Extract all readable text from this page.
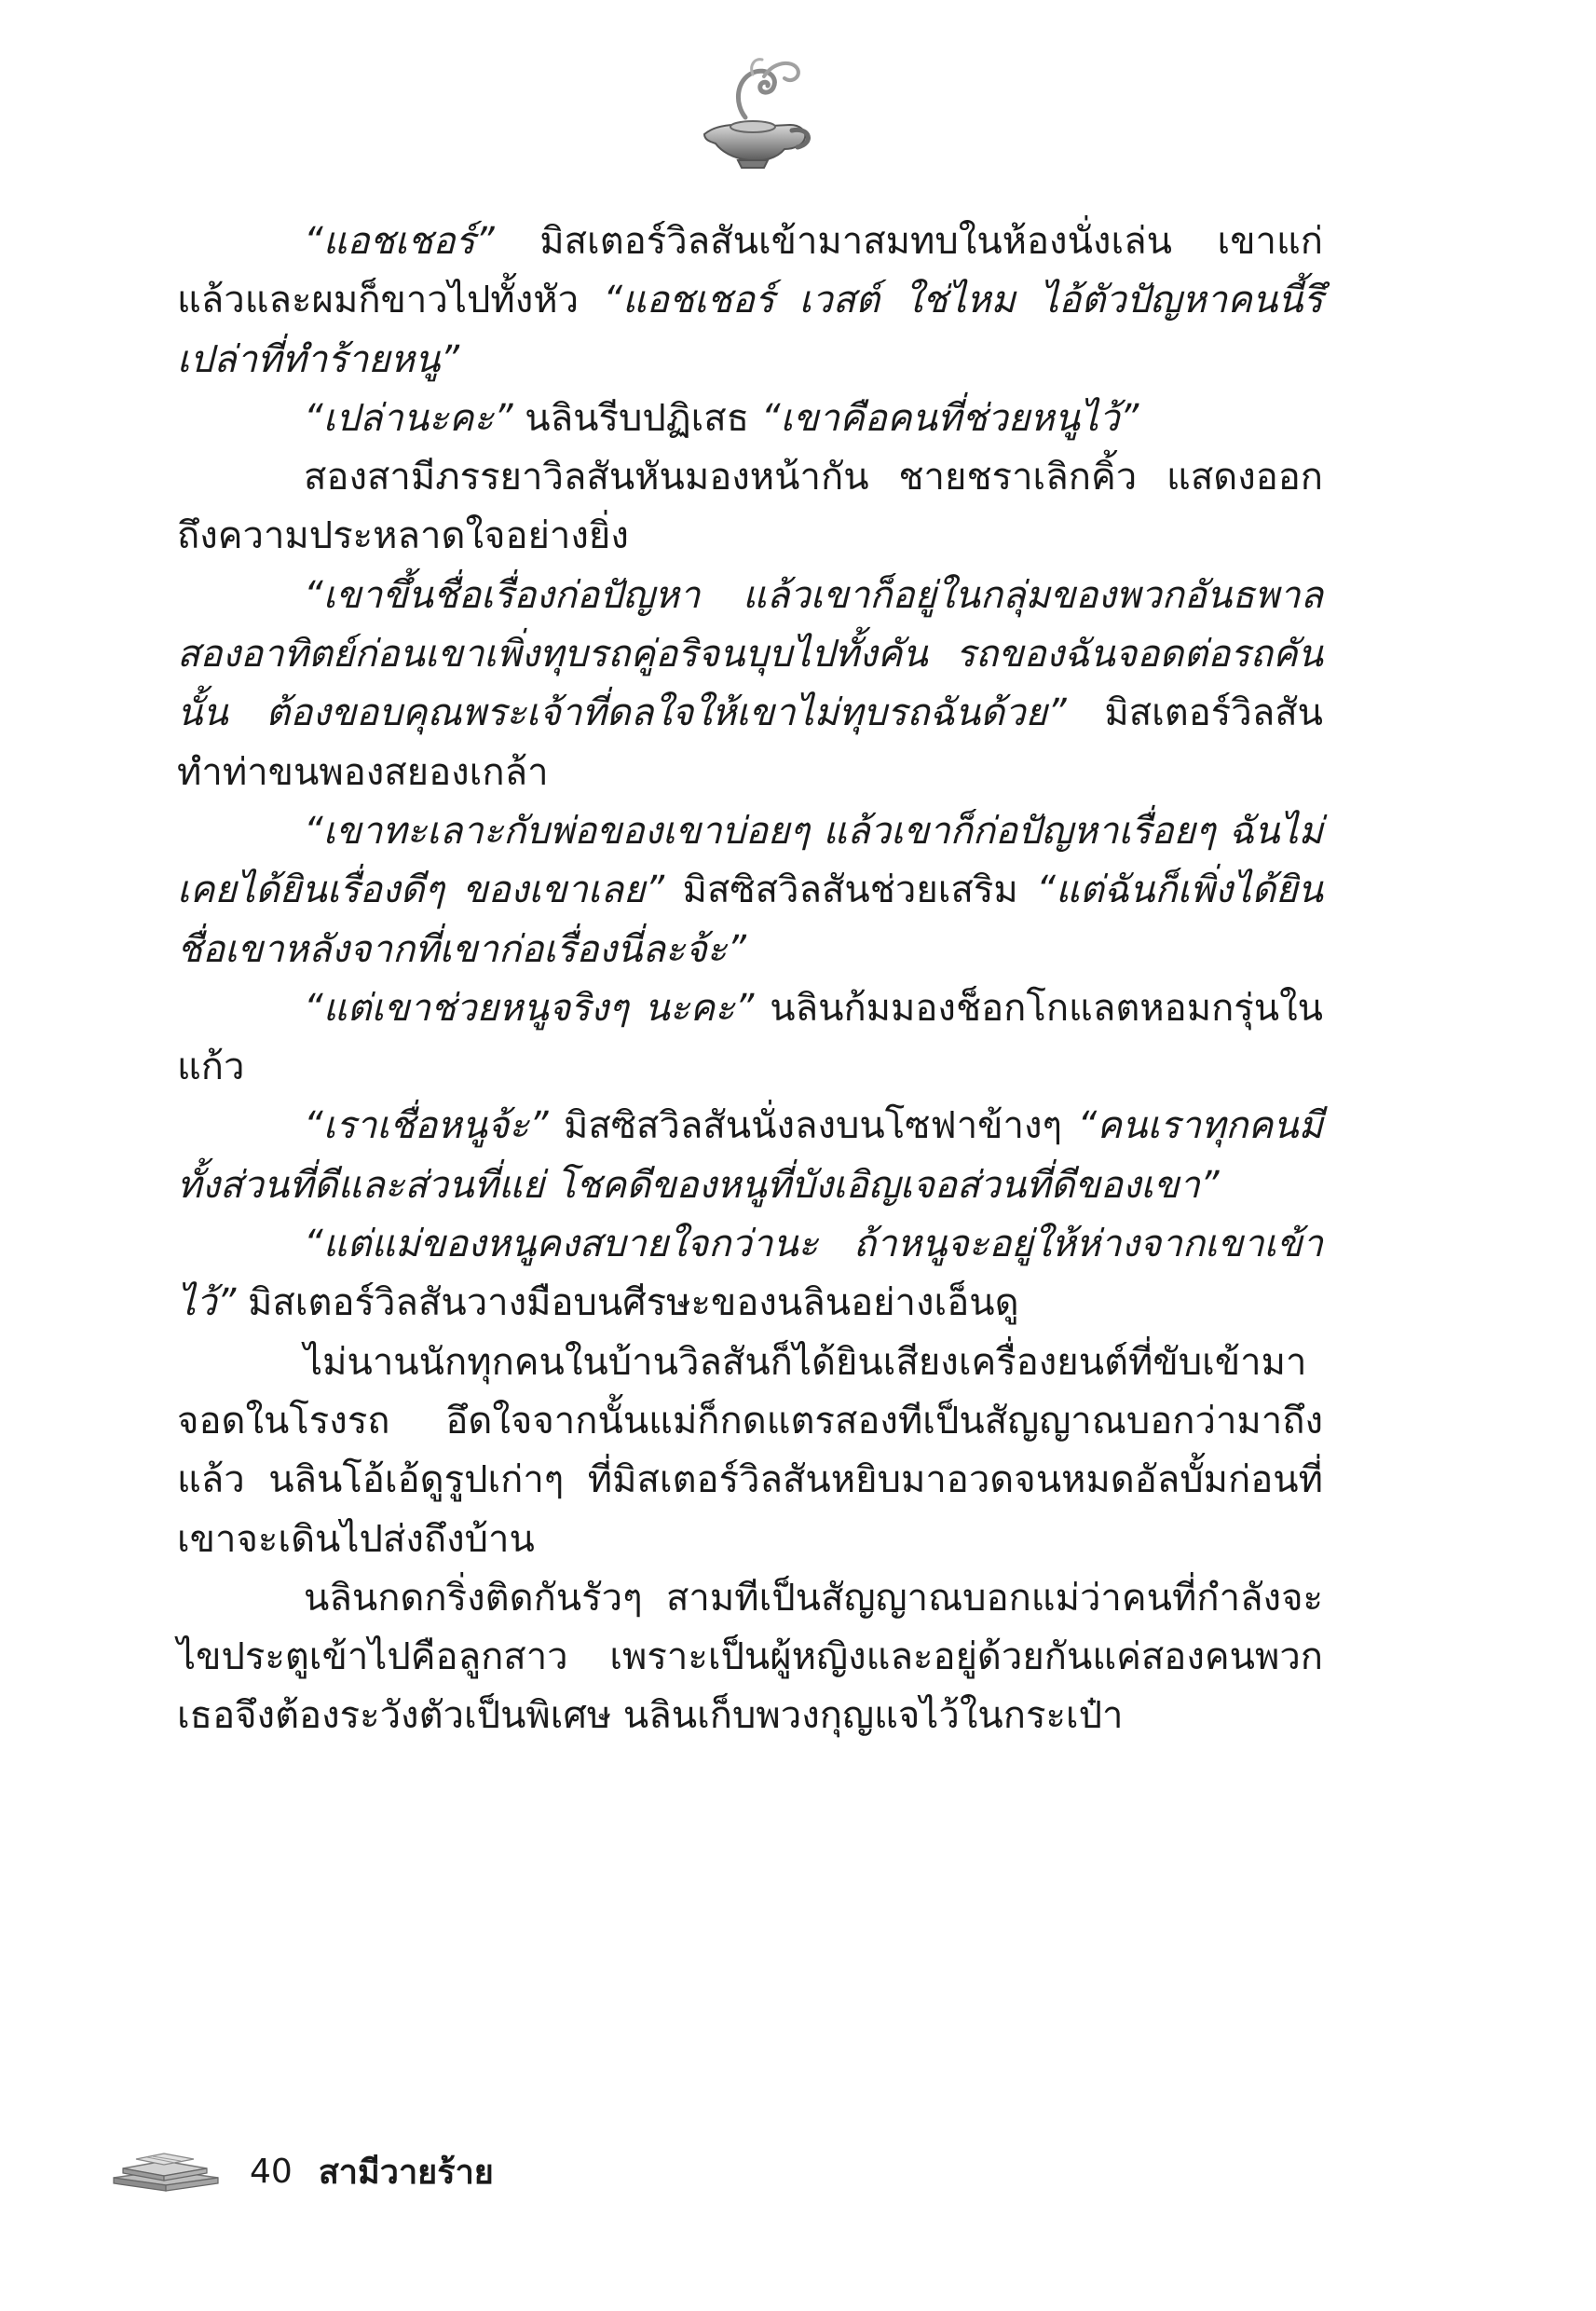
“แอชเชอร์” มิสเตอร์วิลสันเข้ามาสมทบในห้องนั่งเล่น เขาแก่แล้วและผมก็ขาวไปทั้งหัว “แอชเชอร์ เวสต์ ใช่ไหม ไอ้ตัวปัญหาคนนี้รึเปล่าที่ทำร้ายหนู”

“เปล่านะคะ” นลินรีบปฏิเสธ “เขาคือคนที่ช่วยหนูไว้”

สองสามีภรรยาวิลสันหันมองหน้ากัน ชายชราเลิกคิ้ว แสดงออกถึงความประหลาดใจอย่างยิ่ง

“เขาขึ้นชื่อเรื่องก่อปัญหา แล้วเขาก็อยู่ในกลุ่มของพวกอันธพาลสองอาทิตย์ก่อนเขาเพิ่งทุบรถคู่อริจนบุบไปทั้งคัน รถของฉันจอดต่อรถคันนั้น ต้องขอบคุณพระเจ้าที่ดลใจให้เขาไม่ทุบรถฉันด้วย” มิสเตอร์วิลสันทำท่าขนพองสยองเกล้า

“เขาทะเลาะกับพ่อของเขาบ่อยๆ แล้วเขาก็ก่อปัญหาเรื่อยๆ ฉันไม่เคยได้ยินเรื่องดีๆ ของเขาเลย” มิสซิสวิลสันช่วยเสริม “แต่ฉันก็เพิ่งได้ยินชื่อเขาหลังจากที่เขาก่อเรื่องนี่ละจ้ะ”

“แต่เขาช่วยหนูจริงๆ นะคะ” นลินก้มมองช็อกโกแลตหอมกรุ่นในแก้ว

“เราเชื่อหนูจ้ะ” มิสซิสวิลสันนั่งลงบนโซฟาข้างๆ “คนเราทุกคนมีทั้งส่วนที่ดีและส่วนที่แย่ โชคดีของหนูที่บังเอิญเจอส่วนที่ดีของเขา”

“แต่แม่ของหนูคงสบายใจกว่านะ ถ้าหนูจะอยู่ให้ห่างจากเขาเข้าไว้” มิสเตอร์วิลสันวางมือบนศีรษะของนลินอย่างเอ็นดู

ไม่นานนักทุกคนในบ้านวิลสันก็ได้ยินเสียงเครื่องยนต์ที่ขับเข้ามาจอดในโรงรถ อึดใจจากนั้นแม่ก็กดแตรสองทีเป็นสัญญาณบอกว่ามาถึงแล้ว นลินโอ้เอ้ดูรูปเก่าๆ ที่มิสเตอร์วิลสันหยิบมาอวดจนหมดอัลบั้มก่อนที่เขาจะเดินไปส่งถึงบ้าน

นลินกดกริ่งติดกันรัวๆ สามทีเป็นสัญญาณบอกแม่ว่าคนที่กำลังจะไขประตูเข้าไปคือลูกสาว เพราะเป็นผู้หญิงและอยู่ด้วยกันแค่สองคนพวกเธอจึงต้องระวังตัวเป็นพิเศษ นลินเก็บพวงกุญแจไว้ในกระเป๋า

40 สามีวายร้าย
